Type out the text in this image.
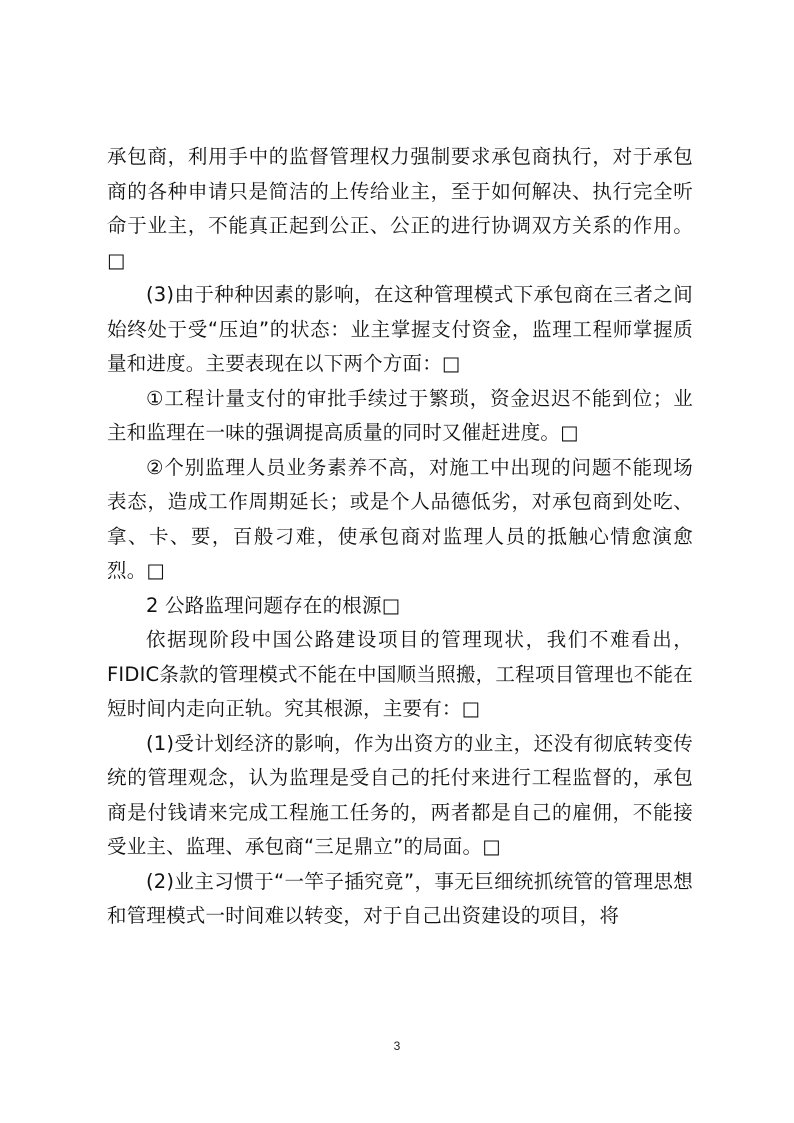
承包商，利用手中的监督管理权力强制要求承包商执行，对于承包商的各种申请只是简洁的上传给业主，至于如何解决、执行完全听命于业主，不能真正起到公正、公正的进行协调双方关系的作用。□

(3)由于种种因素的影响，在这种管理模式下承包商在三者之间始终处于受“压迫”的状态：业主掌握支付资金，监理工程师掌握质量和进度。主要表现在以下两个方面：□

①工程计量支付的审批手续过于繁琐，资金迟迟不能到位；业主和监理在一味的强调提高质量的同时又催赶进度。□

②个别监理人员业务素养不高，对施工中出现的问题不能现场表态，造成工作周期延长；或是个人品德低劣，对承包商到处吃、拿、卡、要，百般刁难，使承包商对监理人员的抵触心情愈演愈烈。□

2 公路监理问题存在的根源□

依据现阶段中国公路建设项目的管理现状，我们不难看出，FIDIC条款的管理模式不能在中国顺当照搬，工程项目管理也不能在短时间内走向正轨。究其根源，主要有：□

(1)受计划经济的影响，作为出资方的业主，还没有彻底转变传统的管理观念，认为监理是受自己的托付来进行工程监督的，承包商是付钱请来完成工程施工任务的，两者都是自己的雇佣，不能接受业主、监理、承包商“三足鼎立”的局面。□

(2)业主习惯于“一竿子插究竟”，事无巨细统抓统管的管理思想和管理模式一时间难以转变，对于自己出资建设的项目，将

3
